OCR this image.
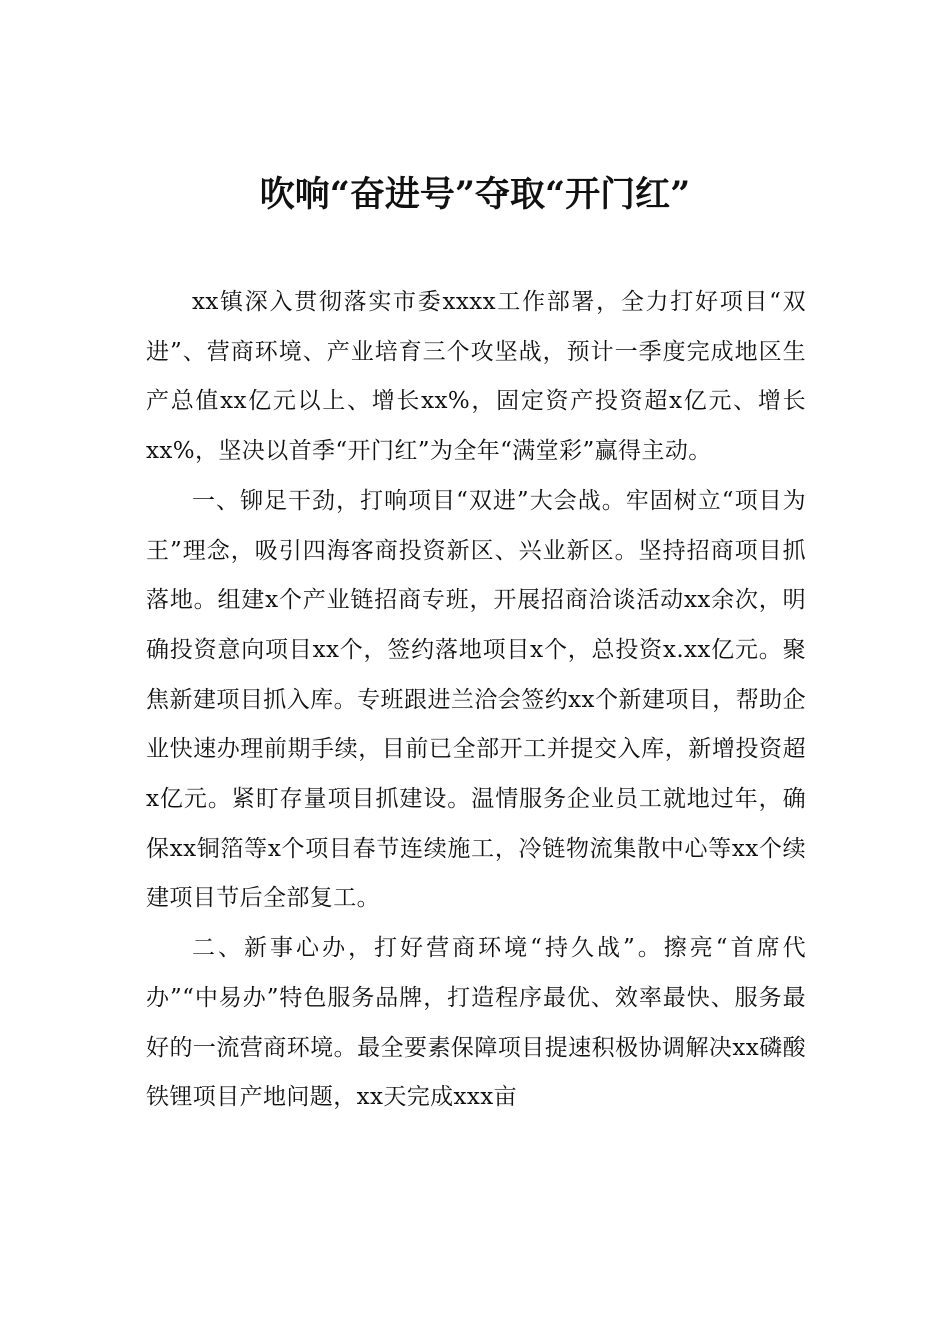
吹响“奋进号”夺取“开门红”

xx镇深入贯彻落实市委xxxx工作部署，全力打好项目“双进”、营商环境、产业培育三个攻坚战，预计一季度完成地区生产总值xx亿元以上、增长xx%，固定资产投资超x亿元、增长xx%，坚决以首季“开门红”为全年“满堂彩”赢得主动。

一、铆足干劲，打响项目“双进”大会战。牢固树立“项目为王”理念，吸引四海客商投资新区、兴业新区。坚持招商项目抓落地。组建x个产业链招商专班，开展招商洽谈活动xx余次，明确投资意向项目xx个，签约落地项目x个，总投资x.xx亿元。聚焦新建项目抓入库。专班跟进兰洽会签约xx个新建项目，帮助企业快速办理前期手续，目前已全部开工并提交入库，新增投资超x亿元。紧盯存量项目抓建设。温情服务企业员工就地过年，确保xx铜箔等x个项目春节连续施工，冷链物流集散中心等xx个续建项目节后全部复工。

二、新事心办，打好营商环境“持久战”。擦亮“首席代办”“中易办”特色服务品牌，打造程序最优、效率最快、服务最好的一流营商环境。最全要素保障项目提速积极协调解决xx磷酸铁锂项目产地问题，xx天完成xxx亩
